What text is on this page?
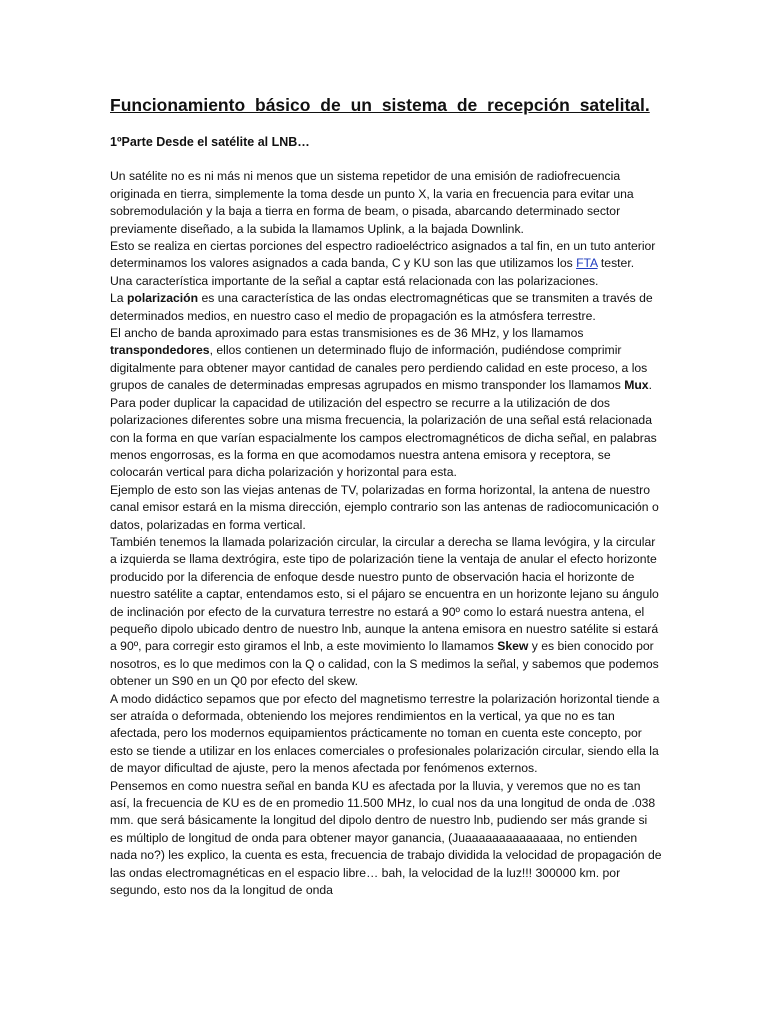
Funcionamiento básico de un sistema de recepción satelital.

1ºParte Desde el satélite al LNB…

Un satélite no es ni más ni menos que un sistema repetidor de una emisión de radiofrecuencia originada en tierra, simplemente la toma desde un punto X, la varia en frecuencia para evitar una sobremodulación y la baja a tierra en forma de beam, o pisada, abarcando determinado sector previamente diseñado, a la subida la llamamos Uplink, a la bajada Downlink.

Esto se realiza en ciertas porciones del espectro radioeléctrico asignados a tal fin, en un tuto anterior determinamos los valores asignados a cada banda, C y KU son las que utilizamos los FTA tester.

Una característica importante de la señal a captar está relacionada con las polarizaciones.

La polarización es una característica de las ondas electromagnéticas que se transmiten a través de determinados medios, en nuestro caso el medio de propagación es la atmósfera terrestre.

El ancho de banda aproximado para estas transmisiones es de 36 MHz, y los llamamos transpondedores, ellos contienen un determinado flujo de información, pudiéndose comprimir digitalmente para obtener mayor cantidad de canales pero perdiendo calidad en este proceso, a los grupos de canales de determinadas empresas agrupados en mismo transponder los llamamos Mux.

Para poder duplicar la capacidad de utilización del espectro se recurre a la utilización de dos polarizaciones diferentes sobre una misma frecuencia, la polarización de una señal está relacionada con la forma en que varían espacialmente los campos electromagnéticos de dicha señal, en palabras menos engorrosas, es la forma en que acomodamos nuestra antena emisora y receptora, se colocarán vertical para dicha polarización y horizontal para esta.

Ejemplo de esto son las viejas antenas de TV, polarizadas en forma horizontal, la antena de nuestro canal emisor estará en la misma dirección, ejemplo contrario son las antenas de radiocomunicación o datos, polarizadas en forma vertical.

También tenemos la llamada polarización circular, la circular a derecha se llama levógira, y la circular a izquierda se llama dextrógira, este tipo de polarización tiene la ventaja de anular el efecto horizonte producido por la diferencia de enfoque desde nuestro punto de observación hacia el horizonte de nuestro satélite a captar, entendamos esto, si el pájaro se encuentra en un horizonte lejano su ángulo de inclinación por efecto de la curvatura terrestre no estará a 90º como lo estará nuestra antena, el pequeño dipolo ubicado dentro de nuestro lnb, aunque la antena emisora en nuestro satélite si estará a 90º, para corregir esto giramos el lnb, a este movimiento lo llamamos Skew y es bien conocido por nosotros, es lo que medimos con la Q o calidad, con la S medimos la señal, y sabemos que podemos obtener un S90 en un Q0 por efecto del skew.

A modo didáctico sepamos que por efecto del magnetismo terrestre la polarización horizontal tiende a ser atraída o deformada, obteniendo los mejores rendimientos en la vertical, ya que no es tan afectada, pero los modernos equipamientos prácticamente no toman en cuenta este concepto, por esto se tiende a utilizar en los enlaces comerciales o profesionales polarización circular, siendo ella la de mayor dificultad de ajuste, pero la menos afectada por fenómenos externos.

Pensemos en como nuestra señal en banda KU es afectada por la lluvia, y veremos que no es tan así, la frecuencia de KU es de en promedio 11.500 MHz, lo cual nos da una longitud de onda de .038 mm. que será básicamente la longitud del dipolo dentro de nuestro lnb, pudiendo ser más grande si es múltiplo de longitud de onda para obtener mayor ganancia, (Juaaaaaaaaaaaaaa, no entienden nada no?) les explico, la cuenta es esta, frecuencia de trabajo dividida la velocidad de propagación de las ondas electromagnéticas en el espacio libre… bah, la velocidad de la luz!!! 300000 km. por segundo, esto nos da la longitud de onda
